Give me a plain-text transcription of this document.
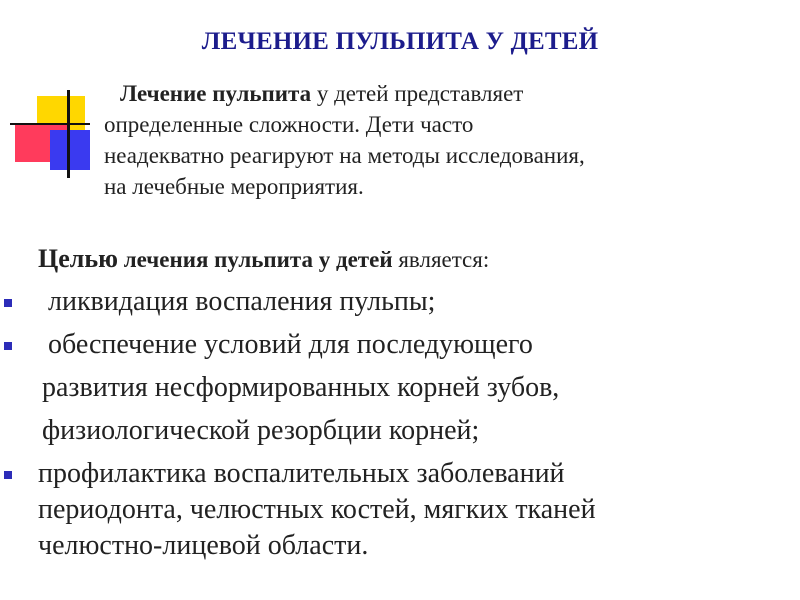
ЛЕЧЕНИЕ ПУЛЬПИТА У ДЕТЕЙ
Лечение пульпита у детей представляет
определенные сложности. Дети часто
неадекватно реагируют на методы исследования,
на лечебные мероприятия.
Целью лечения пульпита у детей является:
ликвидация воспаления пульпы;
обеспечение условий для последующего
развития несформированных корней зубов,
физиологической резорбции корней;
профилактика воспалительных заболеваний
периодонта, челюстных костей, мягких тканей
челюстно-лицевой области.
